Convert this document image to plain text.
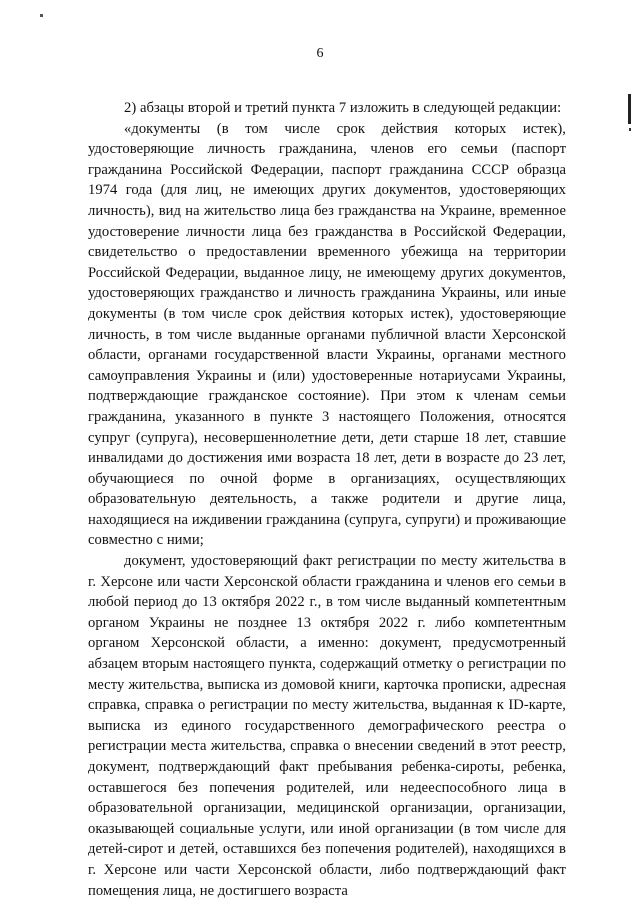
6

2) абзацы второй и третий пункта 7 изложить в следующей редакции:

«документы (в том числе срок действия которых истек), удостоверяющие личность гражданина, членов его семьи (паспорт гражданина Российской Федерации, паспорт гражданина СССР образца 1974 года (для лиц, не имеющих других документов, удостоверяющих личность), вид на жительство лица без гражданства на Украине, временное удостоверение личности лица без гражданства в Российской Федерации, свидетельство о предоставлении временного убежища на территории Российской Федерации, выданное лицу, не имеющему других документов, удостоверяющих гражданство и личность гражданина Украины, или иные документы (в том числе срок действия которых истек), удостоверяющие личность, в том числе выданные органами публичной власти Херсонской области, органами государственной власти Украины, органами местного самоуправления Украины и (или) удостоверенные нотариусами Украины, подтверждающие гражданское состояние). При этом к членам семьи гражданина, указанного в пункте 3 настоящего Положения, относятся супруг (супруга), несовершеннолетние дети, дети старше 18 лет, ставшие инвалидами до достижения ими возраста 18 лет, дети в возрасте до 23 лет, обучающиеся по очной форме в организациях, осуществляющих образовательную деятельность, а также родители и другие лица, находящиеся на иждивении гражданина (супруга, супруги) и проживающие совместно с ними;

документ, удостоверяющий факт регистрации по месту жительства в г. Херсоне или части Херсонской области гражданина и членов его семьи в любой период до 13 октября 2022 г., в том числе выданный компетентным органом Украины не позднее 13 октября 2022 г. либо компетентным органом Херсонской области, а именно: документ, предусмотренный абзацем вторым настоящего пункта, содержащий отметку о регистрации по месту жительства, выписка из домовой книги, карточка прописки, адресная справка, справка о регистрации по месту жительства, выданная к ID-карте, выписка из единого государственного демографического реестра о регистрации места жительства, справка о внесении сведений в этот реестр, документ, подтверждающий факт пребывания ребенка-сироты, ребенка, оставшегося без попечения родителей, или недееспособного лица в образовательной организации, медицинской организации, организации, оказывающей социальные услуги, или иной организации (в том числе для детей-сирот и детей, оставшихся без попечения родителей), находящихся в г. Херсоне или части Херсонской области, либо подтверждающий факт помещения лица, не достигшего возраста
